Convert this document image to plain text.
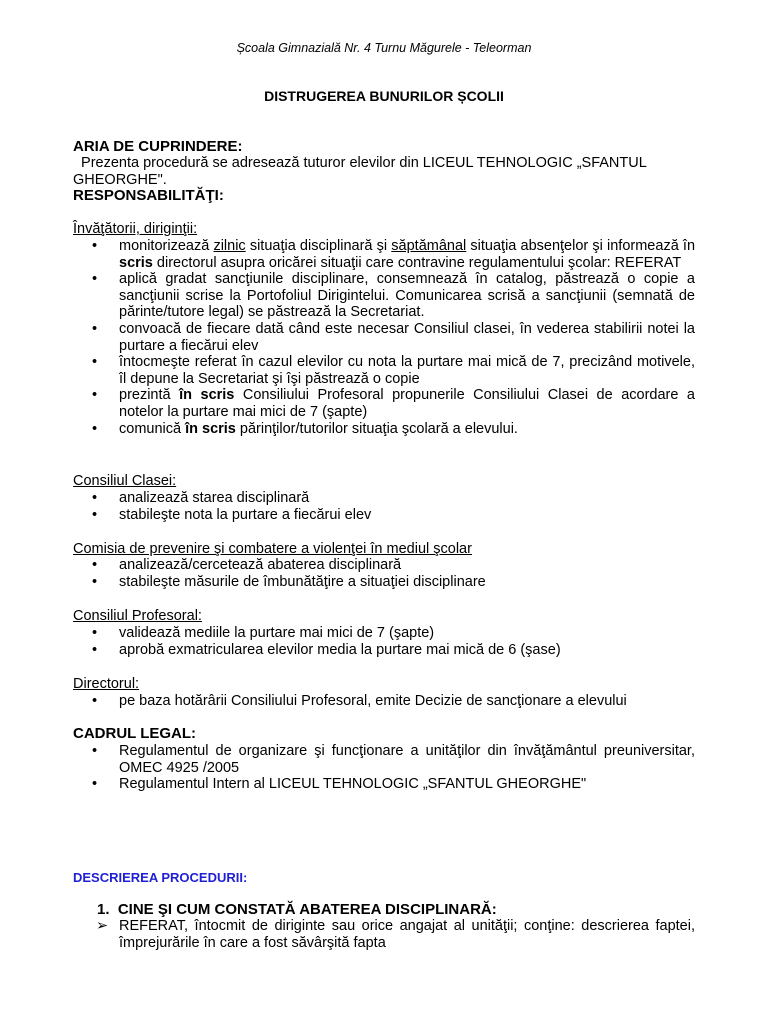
Școala Gimnazială Nr. 4 Turnu Măgurele - Teleorman
DISTRUGEREA BUNURILOR ȘCOLII
ARIA DE CUPRINDERE:
Prezenta procedură se adresează tuturor elevilor din LICEUL TEHNOLOGIC „SFANTUL
GHEORGHE".
RESPONSABILITĂŢI:
Învăţătorii, diriginţii:
• monitorizează zilnic situaţia disciplinară şi săptămânal situaţia absenţelor şi informează în scris directorul asupra oricărei situaţii care contravine regulamentului şcolar: REFERAT
• aplică gradat sancţiunile disciplinare, consemnează în catalog, păstrează o copie a sancţiunii scrise la Portofoliul Dirigintelui. Comunicarea scrisă a sancţiunii (semnată de părinte/tutore legal) se păstrează la Secretariat.
• convoacă de fiecare dată când este necesar Consiliul clasei, în vederea stabilirii notei la purtare a fiecărui elev
• întocmeşte referat în cazul elevilor cu nota la purtare mai mică de 7, precizând motivele, îl depune la Secretariat şi îşi păstrează o copie
• prezintă în scris Consiliului Profesoral propunerile Consiliului Clasei de acordare a notelor la purtare mai mici de 7 (şapte)
• comunică în scris părinţilor/tutorilor situaţia şcolară a elevului.
Consiliul Clasei:
• analizează starea disciplinară
• stabileşte nota la purtare a fiecărui elev
Comisia de prevenire şi combatere a violenţei în mediul şcolar
• analizează/cercetează abaterea disciplinară
• stabileşte măsurile de îmbunătăţire a situaţiei disciplinare
Consiliul Profesoral:
• validează mediile la purtare mai mici de 7 (şapte)
• aprobă exmatricularea elevilor media la purtare mai mică de 6 (şase)
Directorul:
• pe baza hotărârii Consiliului Profesoral, emite Decizie de sancţionare a elevului
CADRUL LEGAL:
• Regulamentul de organizare şi funcţionare a unităţilor din învăţământul preuniversitar, OMEC 4925 /2005
• Regulamentul Intern al LICEUL TEHNOLOGIC „SFANTUL GHEORGHE"
DESCRIEREA PROCEDURII:
1.  CINE ŞI CUM CONSTATĂ ABATEREA DISCIPLINARĂ:
➢ REFERAT, întocmit de diriginte sau orice angajat al unităţii; conţine: descrierea faptei, împrejurările în care a fost săvârşită fapta
